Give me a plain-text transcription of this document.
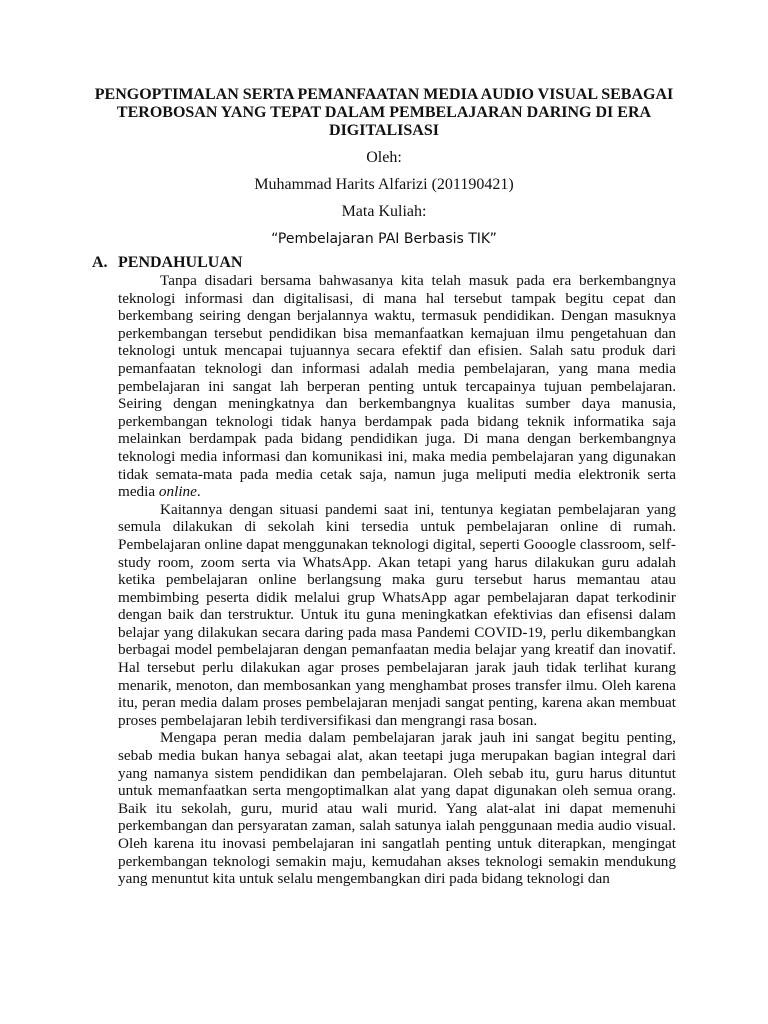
PENGOPTIMALAN SERTA PEMANFAATAN MEDIA AUDIO VISUAL SEBAGAI TEROBOSAN YANG TEPAT DALAM PEMBELAJARAN DARING DI ERA DIGITALISASI

Oleh:

Muhammad Harits Alfarizi (201190421)

Mata Kuliah:

“Pembelajaran PAI Berbasis TIK”

A. PENDAHULUAN

Tanpa disadari bersama bahwasanya kita telah masuk pada era berkembangnya teknologi informasi dan digitalisasi, di mana hal tersebut tampak begitu cepat dan berkembang seiring dengan berjalannya waktu, termasuk pendidikan. Dengan masuknya perkembangan tersebut pendidikan bisa memanfaatkan kemajuan ilmu pengetahuan dan teknologi untuk mencapai tujuannya secara efektif dan efisien. Salah satu produk dari pemanfaatan teknologi dan informasi adalah media pembelajaran, yang mana media pembelajaran ini sangat lah berperan penting untuk tercapainya tujuan pembelajaran. Seiring dengan meningkatnya dan berkembangnya kualitas sumber daya manusia, perkembangan teknologi tidak hanya berdampak pada bidang teknik informatika saja melainkan berdampak pada bidang pendidikan juga. Di mana dengan berkembangnya teknologi media informasi dan komunikasi ini, maka media pembelajaran yang digunakan tidak semata-mata pada media cetak saja, namun juga meliputi media elektronik serta media online.

Kaitannya dengan situasi pandemi saat ini, tentunya kegiatan pembelajaran yang semula dilakukan di sekolah kini tersedia untuk pembelajaran online di rumah. Pembelajaran online dapat menggunakan teknologi digital, seperti Gooogle classroom, self-study room, zoom serta via WhatsApp. Akan tetapi yang harus dilakukan guru adalah ketika pembelajaran online berlangsung maka guru tersebut harus memantau atau membimbing peserta didik melalui grup WhatsApp agar pembelajaran dapat terkodinir dengan baik dan terstruktur. Untuk itu guna meningkatkan efektivias dan efisensi dalam belajar yang dilakukan secara daring pada masa Pandemi COVID-19, perlu dikembangkan berbagai model pembelajaran dengan pemanfaatan media belajar yang kreatif dan inovatif. Hal tersebut perlu dilakukan agar proses pembelajaran jarak jauh tidak terlihat kurang menarik, menoton, dan membosankan yang menghambat proses transfer ilmu. Oleh karena itu, peran media dalam proses pembelajaran menjadi sangat penting, karena akan membuat proses pembelajaran lebih terdiversifikasi dan mengrangi rasa bosan.

Mengapa peran media dalam pembelajaran jarak jauh ini sangat begitu penting, sebab media bukan hanya sebagai alat, akan teetapi juga merupakan bagian integral dari yang namanya sistem pendidikan dan pembelajaran. Oleh sebab itu, guru harus dituntut untuk memanfaatkan serta mengoptimalkan alat yang dapat digunakan oleh semua orang. Baik itu sekolah, guru, murid atau wali murid. Yang alat-alat ini dapat memenuhi perkembangan dan persyaratan zaman, salah satunya ialah penggunaan media audio visual. Oleh karena itu inovasi pembelajaran ini sangatlah penting untuk diterapkan, mengingat perkembangan teknologi semakin maju, kemudahan akses teknologi semakin mendukung yang menuntut kita untuk selalu mengembangkan diri pada bidang teknologi dan
